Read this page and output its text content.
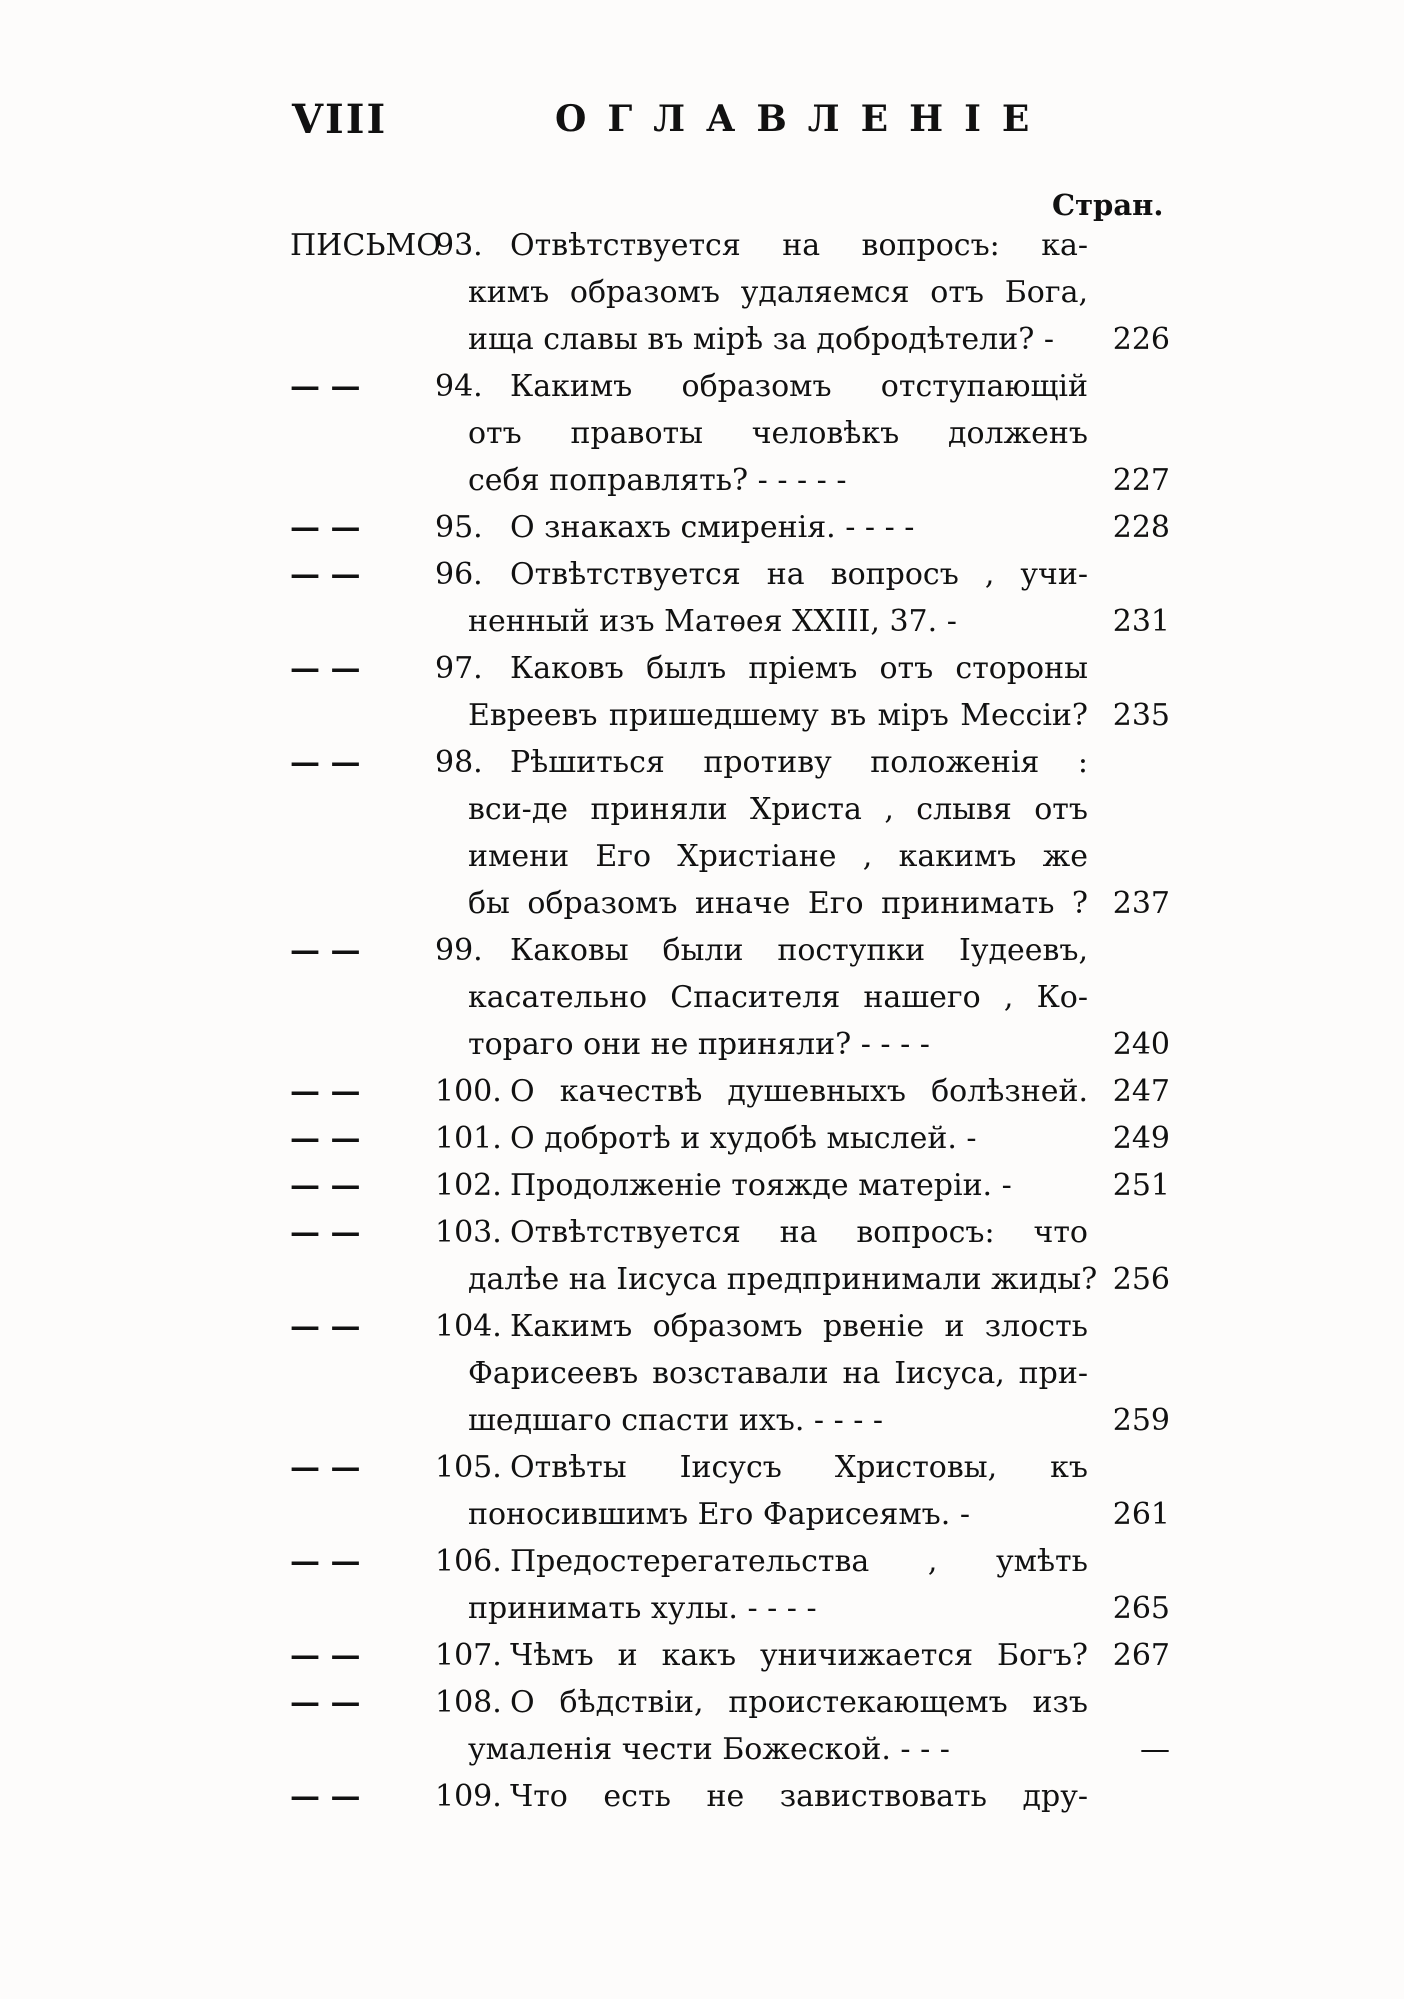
VIII	ОГЛАВЛЕНІЕ
Стран.
ПИСЬМО
93. Отвѣтствуется на вопросъ: ка-
кимъ образомъ удаляемся отъ Бога,
ища славы въ мірѣ за добродѣтели? -	226
— — 94. Какимъ образомъ отступающій
отъ правоты человѣкъ долженъ
себя поправлять? - - - - -	227
— — 95. О знакахъ смиренія. - - - -	228
— — 96. Отвѣтствуется на вопросъ , учи-
ненный изъ Матѳея XXIII, 37. -	231
— — 97. Каковъ былъ пріемъ отъ стороны
Евреевъ пришедшему въ міръ Мессіи? 235
— — 98. Рѣшиться противу положенія :
вси-де приняли Христа , слывя отъ
имени Его Христіане , какимъ же
бы образомъ иначе Его принимать ? 237
— — 99. Каковы были поступки Іудеевъ,
касательно Спасителя нашего , Ко-
тораго они не приняли? - - - -	240
— — 100. О качествѣ душевныхъ болѣзней. 247
— — 101. О добротѣ и худобѣ мыслей. -	249
— — 102. Продолженіе тояжде матеріи. -	251
— — 103. Отвѣтствуется на вопросъ: что
далѣе на Іисуса предпринимали жиды? 256
— — 104. Какимъ образомъ рвеніе и злость
Фарисеевъ возставали на Іисуса, при-
шедшаго спасти ихъ. - - - -	259
— — 105. Отвѣты Іисусъ Христовы, къ
поносившимъ Его Фарисеямъ. -	261
— — 106. Предостерегательства , умѣть
принимать хулы. - - - -	265
— — 107. Чѣмъ и какъ уничижается Богъ? 267
— — 108. О бѣдствіи, проистекающемъ изъ
умаленія чести Божеской. - - -	—
— — 109. Что есть не завиствовать дру-
